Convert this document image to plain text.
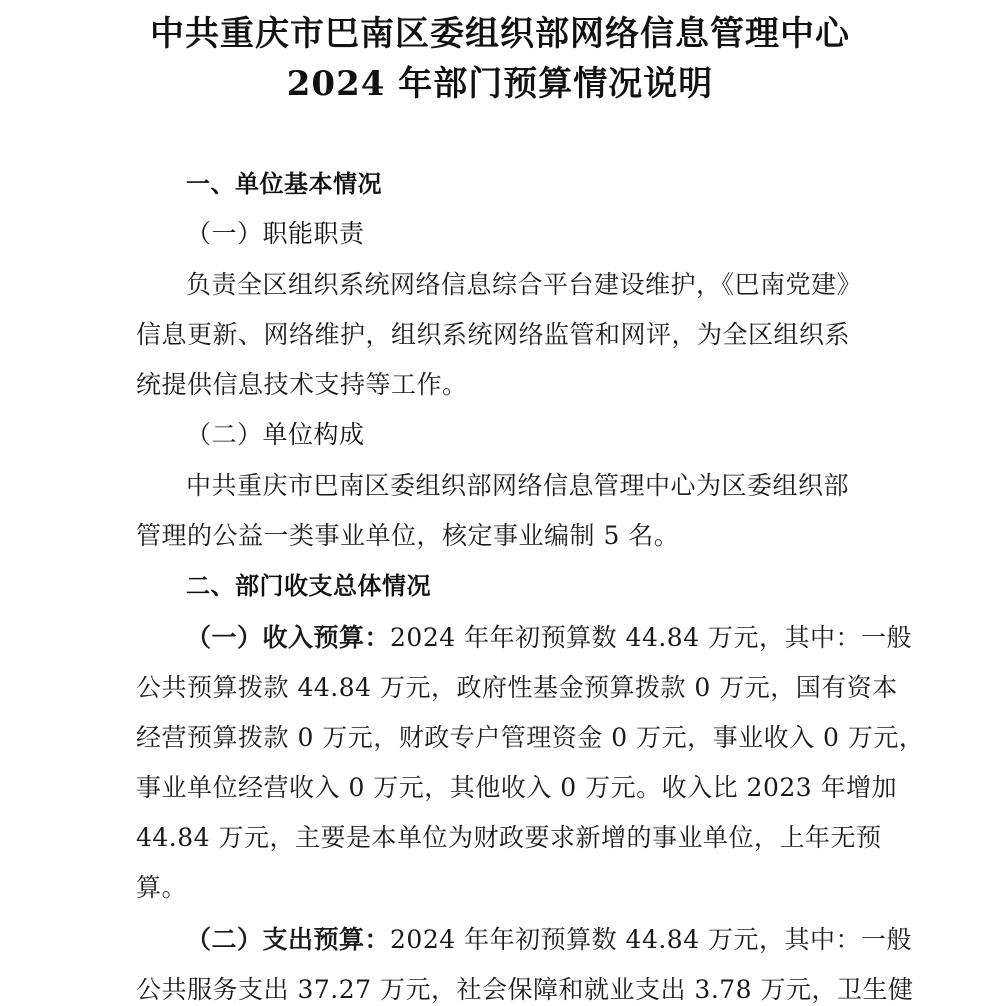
中共重庆市巴南区委组织部网络信息管理中心
2024 年部门预算情况说明
一、单位基本情况
（一）职能职责
负责全区组织系统网络信息综合平台建设维护，《巴南党建》
信息更新、网络维护，组织系统网络监管和网评，为全区组织系
统提供信息技术支持等工作。
（二）单位构成
中共重庆市巴南区委组织部网络信息管理中心为区委组织部
管理的公益一类事业单位，核定事业编制 5 名。
二、部门收支总体情况
（一）收入预算：2024 年年初预算数 44.84 万元，其中：一般
公共预算拨款 44.84 万元，政府性基金预算拨款 0 万元，国有资本
经营预算拨款 0 万元，财政专户管理资金 0 万元，事业收入 0 万元，
事业单位经营收入 0 万元，其他收入 0 万元。收入比 2023 年增加
44.84 万元，主要是本单位为财政要求新增的事业单位，上年无预
算。
（二）支出预算：2024 年年初预算数 44.84 万元，其中：一般
公共服务支出 37.27 万元，社会保障和就业支出 3.78 万元，卫生健
